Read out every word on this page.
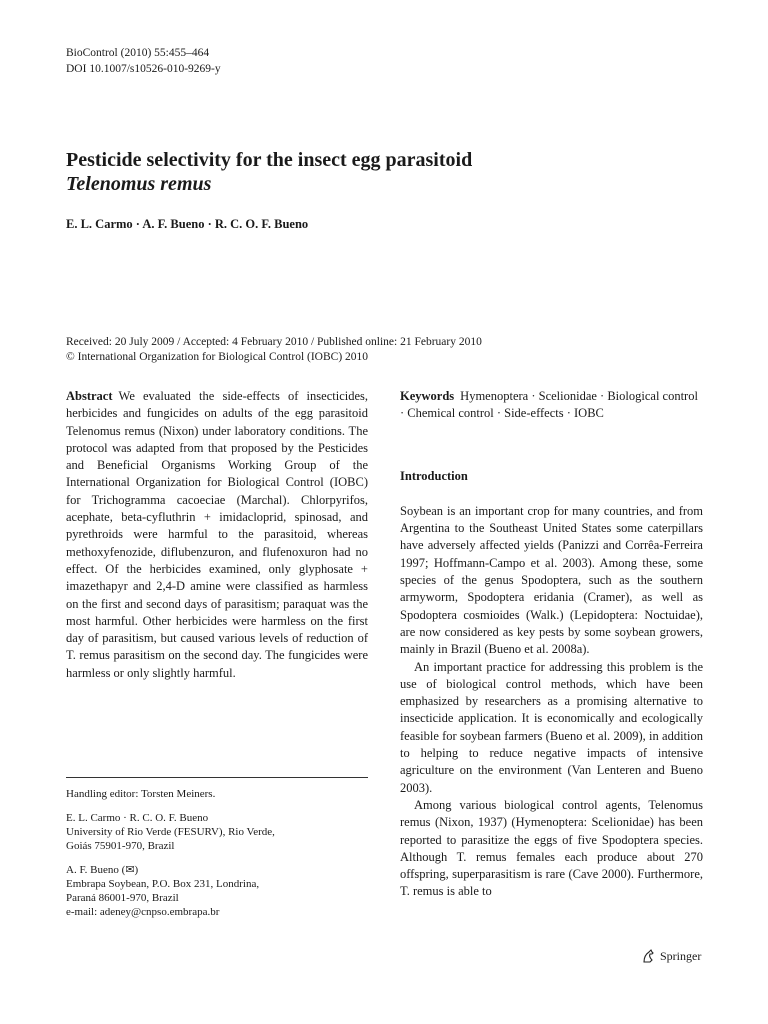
BioControl (2010) 55:455–464
DOI 10.1007/s10526-010-9269-y
Pesticide selectivity for the insect egg parasitoid
Telenomus remus
E. L. Carmo · A. F. Bueno · R. C. O. F. Bueno
Received: 20 July 2009 / Accepted: 4 February 2010 / Published online: 21 February 2010
© International Organization for Biological Control (IOBC) 2010
Abstract We evaluated the side-effects of insecticides, herbicides and fungicides on adults of the egg parasitoid Telenomus remus (Nixon) under laboratory conditions. The protocol was adapted from that proposed by the Pesticides and Beneficial Organisms Working Group of the International Organization for Biological Control (IOBC) for Trichogramma cacoeciae (Marchal). Chlorpyrifos, acephate, beta-cyfluthrin + imidacloprid, spinosad, and pyrethroids were harmful to the parasitoid, whereas methoxyfenozide, diflubenzuron, and flufenoxuron had no effect. Of the herbicides examined, only glyphosate + imazethapyr and 2,4-D amine were classified as harmless on the first and second days of parasitism; paraquat was the most harmful. Other herbicides were harmless on the first day of parasitism, but caused various levels of reduction of T. remus parasitism on the second day. The fungicides were harmless or only slightly harmful.

Keywords Hymenoptera · Scelionidae · Biological control · Chemical control · Side-effects · IOBC

Introduction

Soybean is an important crop for many countries, and from Argentina to the Southeast United States some caterpillars have adversely affected yields (Panizzi and Corrêa-Ferreira 1997; Hoffmann-Campo et al. 2003). Among these, some species of the genus Spodoptera, such as the southern armyworm, Spodoptera eridania (Cramer), as well as Spodoptera cosmioides (Walk.) (Lepidoptera: Noctuidae), are now considered as key pests by some soybean growers, mainly in Brazil (Bueno et al. 2008a).

An important practice for addressing this problem is the use of biological control methods, which have been emphasized by researchers as a promising alternative to insecticide application. It is economically and ecologically feasible for soybean farmers (Bueno et al. 2009), in addition to helping to reduce negative impacts of intensive agriculture on the environment (Van Lenteren and Bueno 2003).

Among various biological control agents, Telenomus remus (Nixon, 1937) (Hymenoptera: Scelionidae) has been reported to parasitize the eggs of five Spodoptera species. Although T. remus females each produce about 270 offspring, superparasitism is rare (Cave 2000). Furthermore, T. remus is able to

Handling editor: Torsten Meiners.
E. L. Carmo · R. C. O. F. Bueno
University of Rio Verde (FESURV), Rio Verde,
Goiás 75901-970, Brazil
A. F. Bueno (✉)
Embrapa Soybean, P.O. Box 231, Londrina,
Paraná 86001-970, Brazil
e-mail: adeney@cnpso.embrapa.br
Springer
